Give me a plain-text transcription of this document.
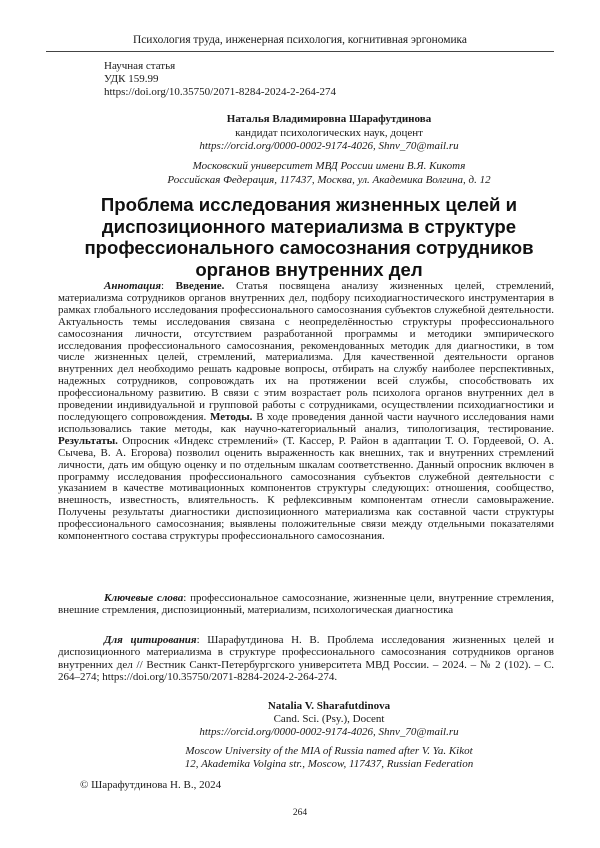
Психология труда, инженерная психология, когнитивная эргономика
Научная статья
УДК 159.99
https://doi.org/10.35750/2071-8284-2024-2-264-274
Наталья Владимировна Шарафутдинова
кандидат психологических наук, доцент
https://orcid.org/0000-0002-9174-4026, Shnv_70@mail.ru
Московский университет МВД России имени В.Я. Кикотя
Российская Федерация, 117437, Москва, ул. Академика Волгина, д. 12
Проблема исследования жизненных целей и диспозиционного материализма в структуре профессионального самосознания сотрудников органов внутренних дел

Аннотация: Введение. Статья посвящена анализу жизненных целей, стремлений, материализма сотрудников органов внутренних дел, подбору психодиагностического инструментария в рамках глобального исследования профессионального самосознания субъектов служебной деятельности. Актуальность темы исследования связана с неопределённостью структуры профессионального самосознания личности, отсутствием разработанной программы и методики эмпирического исследования профессионального самосознания, рекомендованных методик для диагностики, в том числе жизненных целей, стремлений, материализма. Для качественной деятельности органов внутренних дел необходимо решать кадровые вопросы, отбирать на службу наиболее перспективных, надежных сотрудников, сопровождать их на протяжении всей службы, способствовать их профессиональному развитию. В связи с этим возрастает роль психолога органов внутренних дел в проведении индивидуальной и групповой работы с сотрудниками, осуществлении психодиагностики и последующего сопровождения. Методы. В ходе проведения данной части научного исследования нами использовались такие методы, как научно-категориальный анализ, типологизация, тестирование. Результаты. Опросник «Индекс стремлений» (Т. Кассер, Р. Район в адаптации Т. О. Гордеевой, О. А. Сычева, В. А. Егорова) позволил оценить выраженность как внешних, так и внутренних стремлений личности, дать им общую оценку и по отдельным шкалам соответственно. Данный опросник включен в программу исследования профессионального самосознания субъектов служебной деятельности с указанием в качестве мотивационных компонентов структуры следующих: отношения, сообщество, внешность, известность, влиятельность. К рефлексивным компонентам отнесли самовыражение. Получены результаты диагностики диспозиционного материализма как составной части структуры профессионального самосознания; выявлены положительные связи между отдельными показателями компонентного состава структуры профессионального самосознания.

Ключевые слова: профессиональное самосознание, жизненные цели, внутренние стремления, внешние стремления, диспозиционный, материализм, психологическая диагностика

Для цитирования: Шарафутдинова Н. В. Проблема исследования жизненных целей и диспозиционного материализма в структуре профессионального самосознания сотрудников органов внутренних дел // Вестник Санкт-Петербургского университета МВД России. – 2024. – № 2 (102). – С. 264–274; https://doi.org/10.35750/2071-8284-2024-2-264-274.

Natalia V. Sharafutdinova
Cand. Sci. (Psy.), Docent
https://orcid.org/0000-0002-9174-4026, Shnv_70@mail.ru
Moscow University of the MIA of Russia named after V. Ya. Kikot
12, Akademika Volgina str., Moscow, 117437, Russian Federation
© Шарафутдинова Н. В., 2024
264
